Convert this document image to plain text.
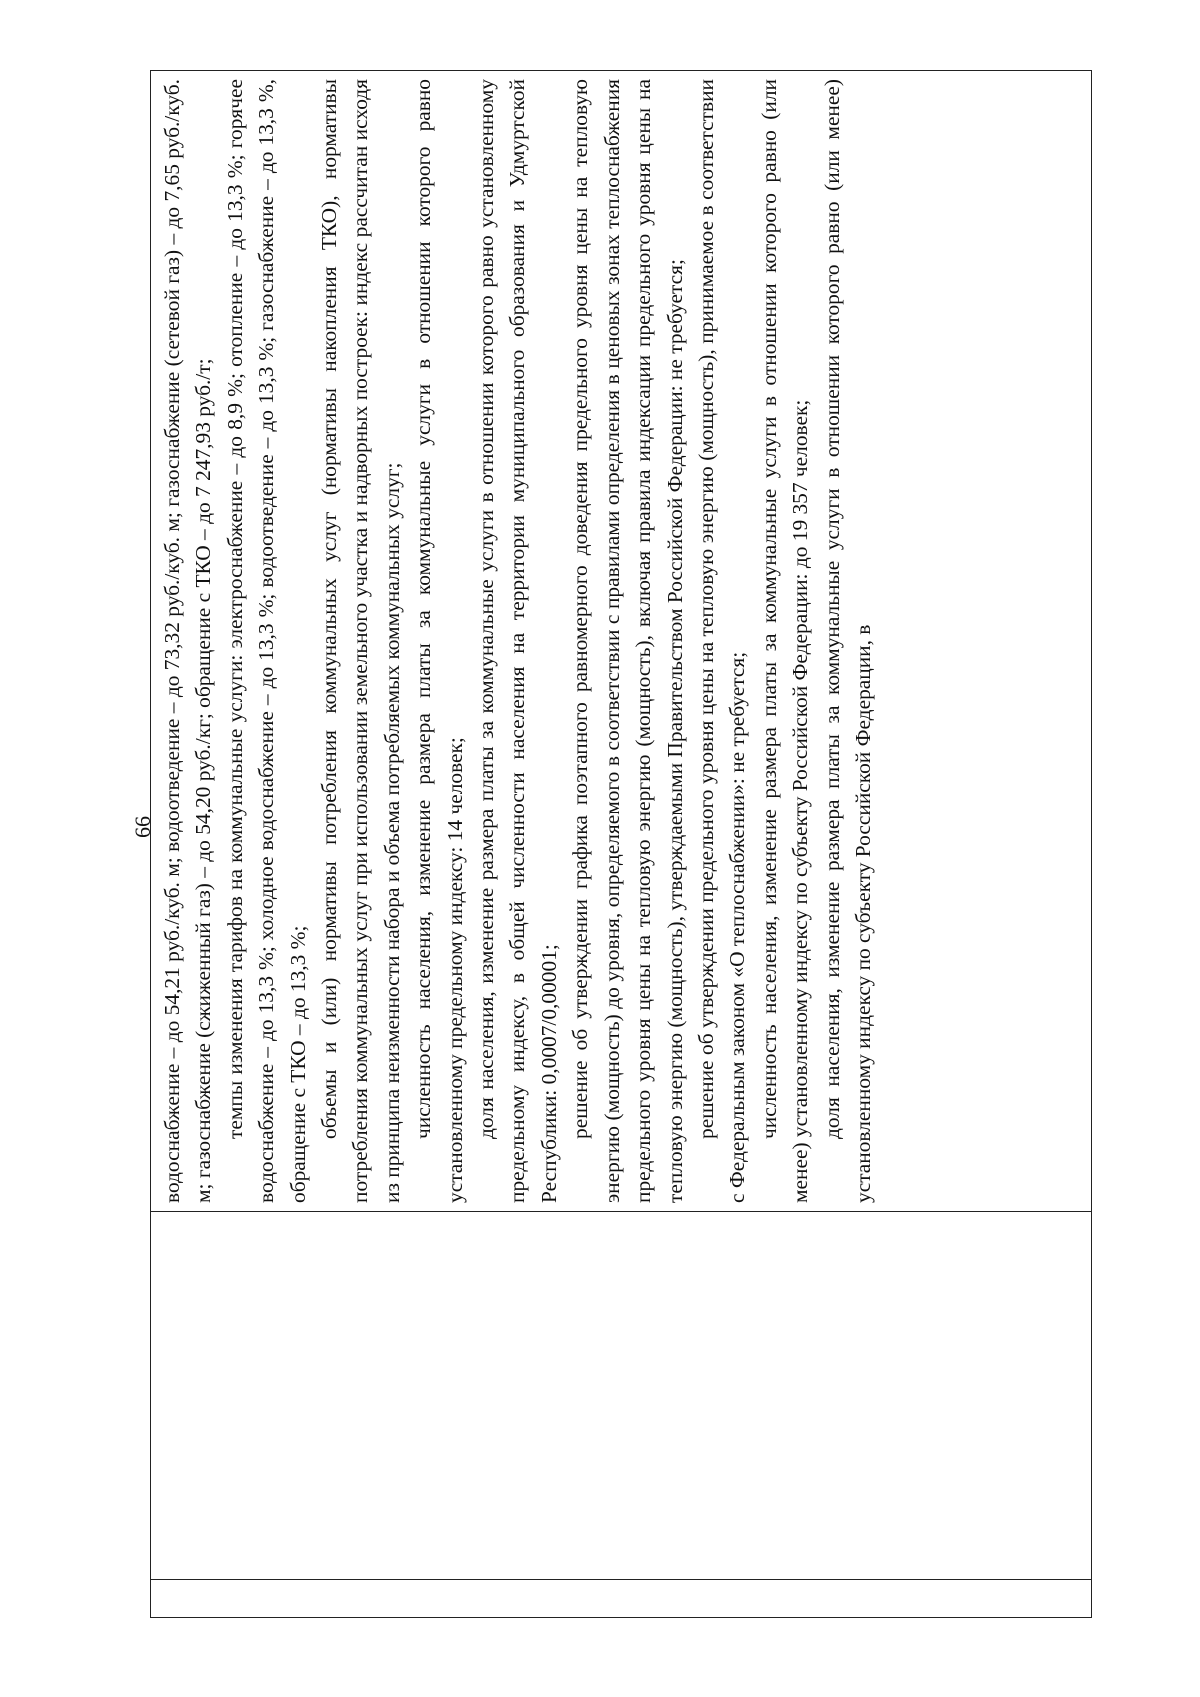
66 водоснабжение – до 54,21 руб./куб. м; водоотведение – до 73,32 руб./куб. м; газоснабжение (сетевой газ) – до 7,65 руб./куб. м; газоснабжение (сжиженный газ) – до 54,20 руб./кг; обращение с ТКО – до 7 247,93 руб./т; темпы изменения тарифов на коммунальные услуги: электроснабжение – до 8,9 %; отопление – до 13,3 %; горячее водоснабжение – до 13,3 %; холодное водоснабжение – до 13,3 %; водоотведение – до 13,3 %; газоснабжение – до 13,3 %, обращение с ТКО – до 13,3 %; объемы и (или) нормативы потребления коммунальных услуг (нормативы накопления ТКО), нормативы потребления коммунальных услуг при использовании земельного участка и надворных построек: индекс рассчитан исходя из принципа неизменности набора и объема потребляемых коммунальных услуг; численность населения, изменение размера платы за коммунальные услуги в отношении которого равно установленному предельному индексу: 14 человек; доля населения, изменение размера платы за коммунальные услуги в отношении которого равно установленному предельному индексу, в общей численности населения на территории муниципального образования и Удмуртской Республики: 0,0007/0,00001; решение об утверждении графика поэтапного равномерного доведения предельного уровня цены на тепловую энергию (мощность) до уровня, определяемого в соответствии с правилами определения в ценовых зонах теплоснабжения предельного уровня цены на тепловую энергию (мощность), включая правила индексации предельного уровня цены на тепловую энергию (мощность), утверждаемыми Правительством Российской Федерации: не требуется; решение об утверждении предельного уровня цены на тепловую энергию (мощность), принимаемое в соответствии с Федеральным законом «О теплоснабжении»: не требуется; численность населения, изменение размера платы за коммунальные услуги в отношении которого равно (или менее) установленному индексу по субъекту Российской Федерации: до 19 357 человек; доля населения, изменение размера платы за коммунальные услуги в отношении которого равно (или менее) установленному индексу по субъекту Российской Федерации, в
